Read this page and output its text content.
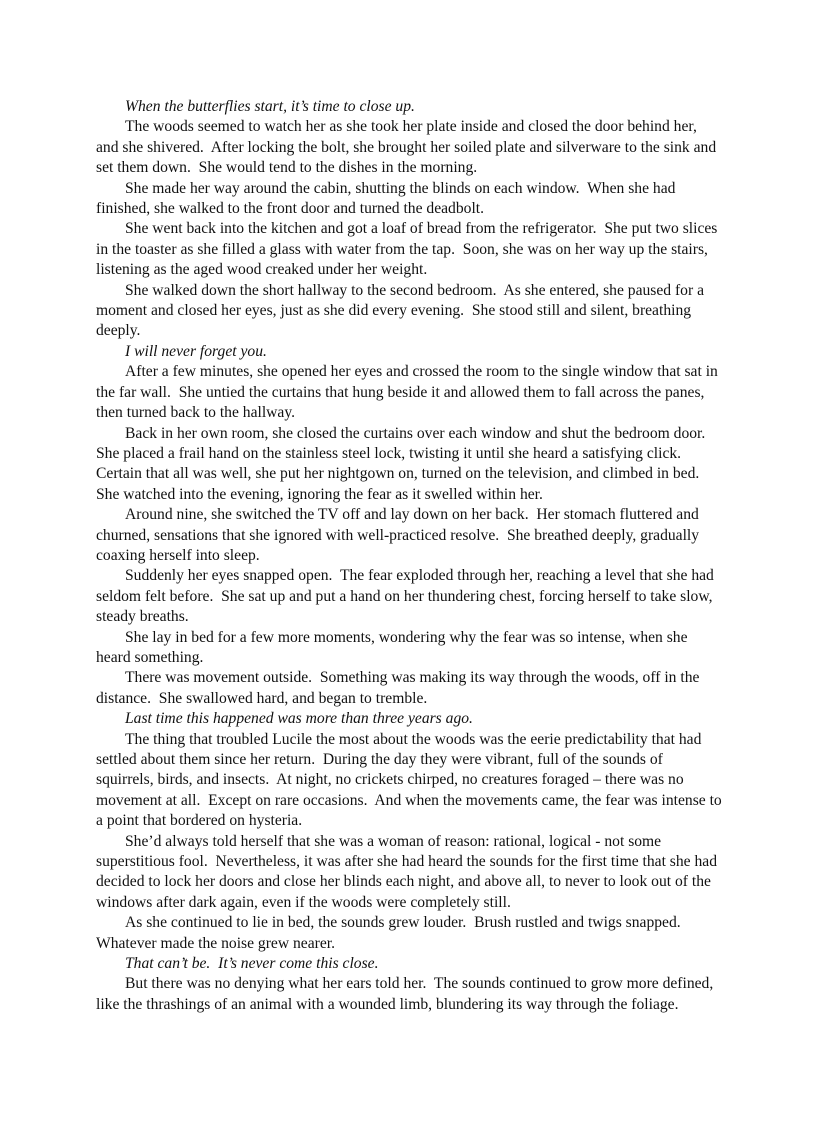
When the butterflies start, it’s time to close up.

The woods seemed to watch her as she took her plate inside and closed the door behind her, and she shivered.  After locking the bolt, she brought her soiled plate and silverware to the sink and set them down.  She would tend to the dishes in the morning.

She made her way around the cabin, shutting the blinds on each window.  When she had finished, she walked to the front door and turned the deadbolt.

She went back into the kitchen and got a loaf of bread from the refrigerator.  She put two slices in the toaster as she filled a glass with water from the tap.  Soon, she was on her way up the stairs, listening as the aged wood creaked under her weight.

She walked down the short hallway to the second bedroom.  As she entered, she paused for a moment and closed her eyes, just as she did every evening.  She stood still and silent, breathing deeply.

I will never forget you.

After a few minutes, she opened her eyes and crossed the room to the single window that sat in the far wall.  She untied the curtains that hung beside it and allowed them to fall across the panes, then turned back to the hallway.

Back in her own room, she closed the curtains over each window and shut the bedroom door.  She placed a frail hand on the stainless steel lock, twisting it until she heard a satisfying click.  Certain that all was well, she put her nightgown on, turned on the television, and climbed in bed.  She watched into the evening, ignoring the fear as it swelled within her.

Around nine, she switched the TV off and lay down on her back.  Her stomach fluttered and churned, sensations that she ignored with well-practiced resolve.  She breathed deeply, gradually coaxing herself into sleep.

Suddenly her eyes snapped open.  The fear exploded through her, reaching a level that she had seldom felt before.  She sat up and put a hand on her thundering chest, forcing herself to take slow, steady breaths.

She lay in bed for a few more moments, wondering why the fear was so intense, when she heard something.

There was movement outside.  Something was making its way through the woods, off in the distance.  She swallowed hard, and began to tremble.

Last time this happened was more than three years ago.

The thing that troubled Lucile the most about the woods was the eerie predictability that had settled about them since her return.  During the day they were vibrant, full of the sounds of squirrels, birds, and insects.  At night, no crickets chirped, no creatures foraged – there was no movement at all.  Except on rare occasions.  And when the movements came, the fear was intense to a point that bordered on hysteria.

She’d always told herself that she was a woman of reason: rational, logical - not some superstitious fool.  Nevertheless, it was after she had heard the sounds for the first time that she had decided to lock her doors and close her blinds each night, and above all, to never to look out of the windows after dark again, even if the woods were completely still.

As she continued to lie in bed, the sounds grew louder.  Brush rustled and twigs snapped.  Whatever made the noise grew nearer.

That can’t be.  It’s never come this close.

But there was no denying what her ears told her.  The sounds continued to grow more defined, like the thrashings of an animal with a wounded limb, blundering its way through the foliage.
